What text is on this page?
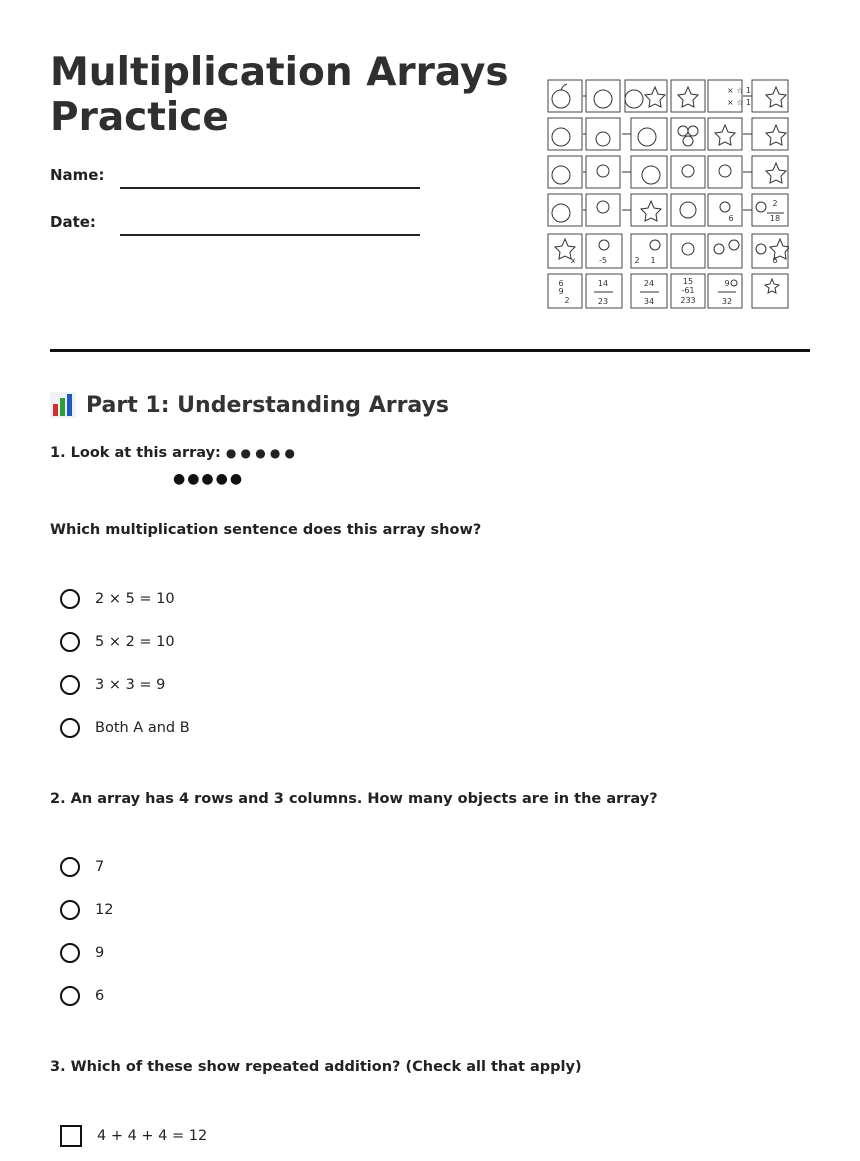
Multiplication Arrays Practice
Name:
Date:
14
23
24
34
15
-61
233
9
32
6
9
2
2
18
6
-5	2 1
x
6
× ☆ 1
× ☆ 1
Part 1: Understanding Arrays
1. Look at this array: ● ● ● ● ●
●●●●●
Which multiplication sentence does this array show?
2 × 5 = 10
5 × 2 = 10
3 × 3 = 9
Both A and B
2. An array has 4 rows and 3 columns. How many objects are in the array?
7
12
9
6
3. Which of these show repeated addition? (Check all that apply)
4 + 4 + 4 = 12
